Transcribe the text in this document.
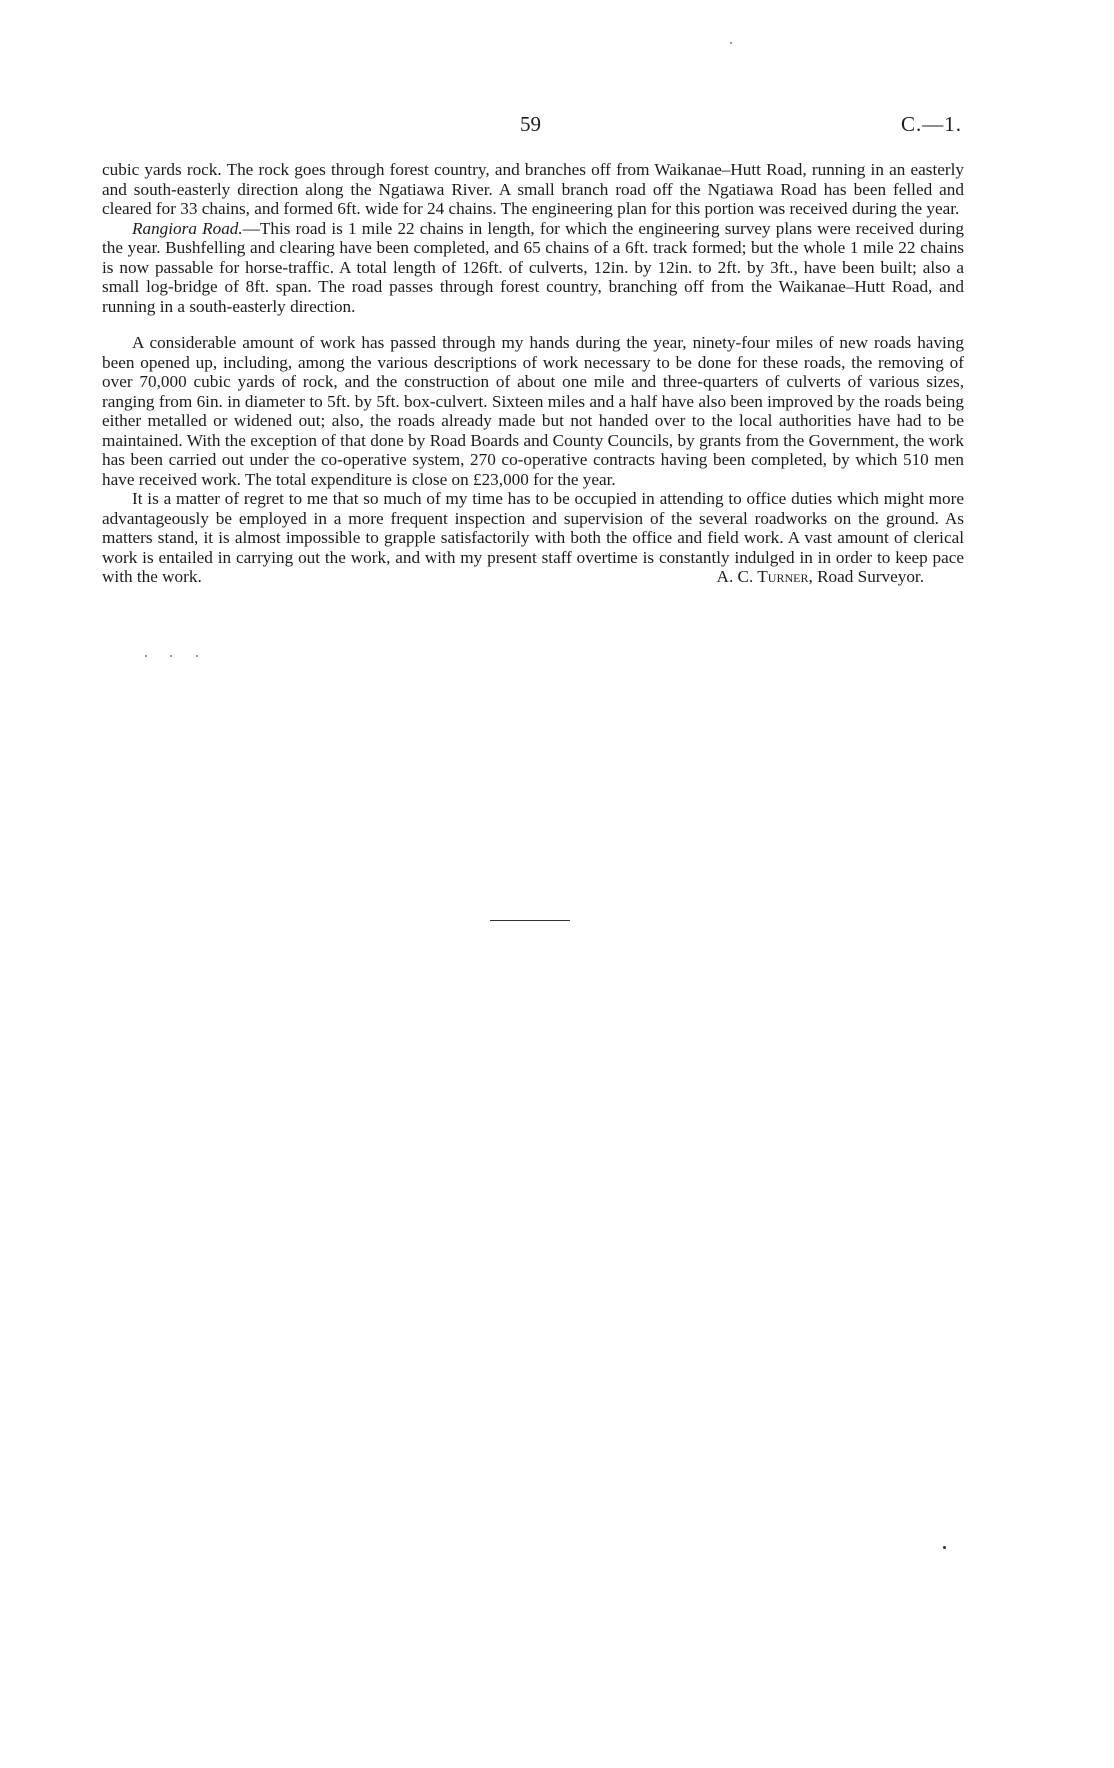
59	C.—1.

cubic yards rock. The rock goes through forest country, and branches off from Waikanae–Hutt Road, running in an easterly and south-easterly direction along the Ngatiawa River. A small branch road off the Ngatiawa Road has been felled and cleared for 33 chains, and formed 6ft. wide for 24 chains. The engineering plan for this portion was received during the year.

Rangiora Road.—This road is 1 mile 22 chains in length, for which the engineering survey plans were received during the year. Bushfelling and clearing have been completed, and 65 chains of a 6ft. track formed; but the whole 1 mile 22 chains is now passable for horse-traffic. A total length of 126ft. of culverts, 12in. by 12in. to 2ft. by 3ft., have been built; also a small log-bridge of 8ft. span. The road passes through forest country, branching off from the Waikanae–Hutt Road, and running in a south-easterly direction.

A considerable amount of work has passed through my hands during the year, ninety-four miles of new roads having been opened up, including, among the various descriptions of work necessary to be done for these roads, the removing of over 70,000 cubic yards of rock, and the construction of about one mile and three-quarters of culverts of various sizes, ranging from 6in. in diameter to 5ft. by 5ft. box-culvert. Sixteen miles and a half have also been improved by the roads being either metalled or widened out; also, the roads already made but not handed over to the local authorities have had to be maintained. With the exception of that done by Road Boards and County Councils, by grants from the Government, the work has been carried out under the co-operative system, 270 co-operative contracts having been completed, by which 510 men have received work. The total expenditure is close on £23,000 for the year.

It is a matter of regret to me that so much of my time has to be occupied in attending to office duties which might more advantageously be employed in a more frequent inspection and supervision of the several roadworks on the ground. As matters stand, it is almost impossible to grapple satisfactorily with both the office and field work. A vast amount of clerical work is entailed in carrying out the work, and with my present staff overtime is constantly indulged in in order to keep pace with the work.	A. C. Turner, Road Surveyor.
